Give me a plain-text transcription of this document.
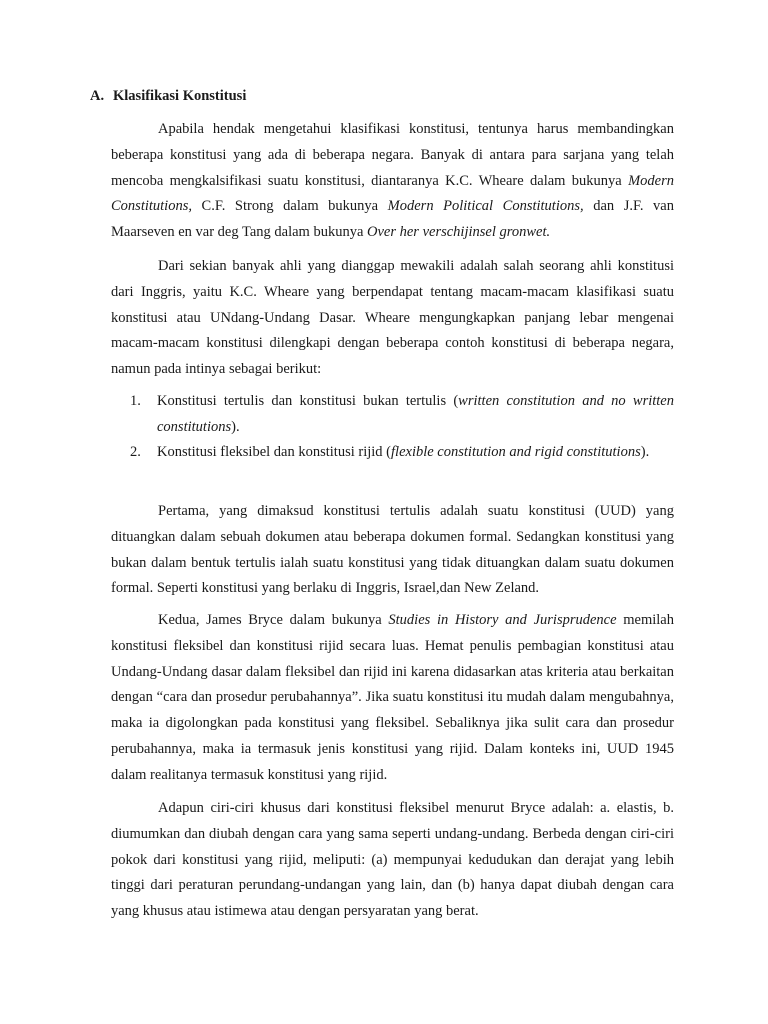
A. Klasifikasi Konstitusi

Apabila hendak mengetahui klasifikasi konstitusi, tentunya harus membandingkan beberapa konstitusi yang ada di beberapa negara. Banyak di antara para sarjana yang telah mencoba mengkalsifikasi suatu konstitusi, diantaranya K.C. Wheare dalam bukunya Modern Constitutions, C.F. Strong dalam bukunya Modern Political Constitutions, dan J.F. van Maarseven en var deg Tang dalam bukunya Over her verschijinsel gronwet.

Dari sekian banyak ahli yang dianggap mewakili adalah salah seorang ahli konstitusi dari Inggris, yaitu K.C. Wheare yang berpendapat tentang macam-macam klasifikasi suatu konstitusi atau UNdang-Undang Dasar. Wheare mengungkapkan panjang lebar mengenai macam-macam konstitusi dilengkapi dengan beberapa contoh konstitusi di beberapa negara, namun pada intinya sebagai berikut:

1. Konstitusi tertulis dan konstitusi bukan tertulis (written constitution and no written constitutions).
2. Konstitusi fleksibel dan konstitusi rijid (flexible constitution and rigid constitutions).

Pertama, yang dimaksud konstitusi tertulis adalah suatu konstitusi (UUD) yang dituangkan dalam sebuah dokumen atau beberapa dokumen formal. Sedangkan konstitusi yang bukan dalam bentuk tertulis ialah suatu konstitusi yang tidak dituangkan dalam suatu dokumen formal. Seperti konstitusi yang berlaku di Inggris, Israel,dan New Zeland.

Kedua, James Bryce dalam bukunya Studies in History and Jurisprudence memilah konstitusi fleksibel dan konstitusi rijid secara luas. Hemat penulis pembagian konstitusi atau Undang-Undang dasar dalam fleksibel dan rijid ini karena didasarkan atas kriteria atau berkaitan dengan “cara dan prosedur perubahannya”. Jika suatu konstitusi itu mudah dalam mengubahnya, maka ia digolongkan pada konstitusi yang fleksibel. Sebaliknya jika sulit cara dan prosedur perubahannya, maka ia termasuk jenis konstitusi yang rijid. Dalam konteks ini, UUD 1945 dalam realitanya termasuk konstitusi yang rijid.

Adapun ciri-ciri khusus dari konstitusi fleksibel menurut Bryce adalah: a. elastis, b. diumumkan dan diubah dengan cara yang sama seperti undang-undang. Berbeda dengan ciri-ciri pokok dari konstitusi yang rijid, meliputi: (a) mempunyai kedudukan dan derajat yang lebih tinggi dari peraturan perundang-undangan yang lain, dan (b) hanya dapat diubah dengan cara yang khusus atau istimewa atau dengan persyaratan yang berat.
